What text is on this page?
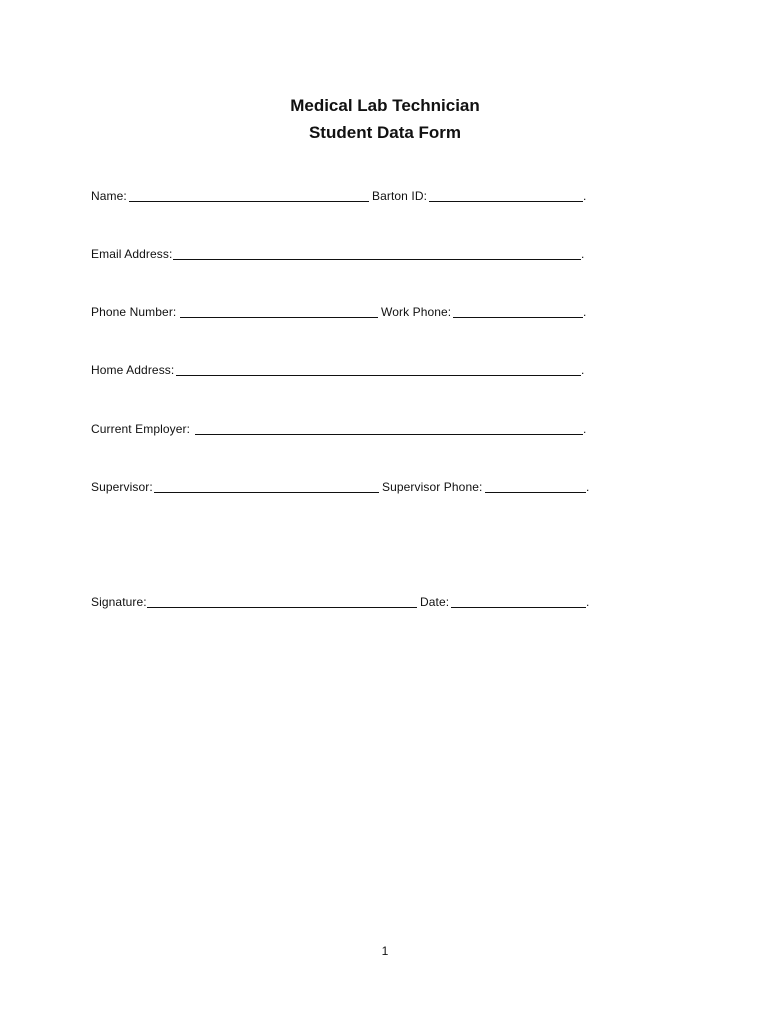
Medical Lab Technician
Student Data Form
Name:	Barton ID:	.
Email Address:	.
Phone Number:	Work Phone:	.
Home Address:	.
Current Employer:	.
Supervisor:	Supervisor Phone:	.
Signature:	Date:	.
1
